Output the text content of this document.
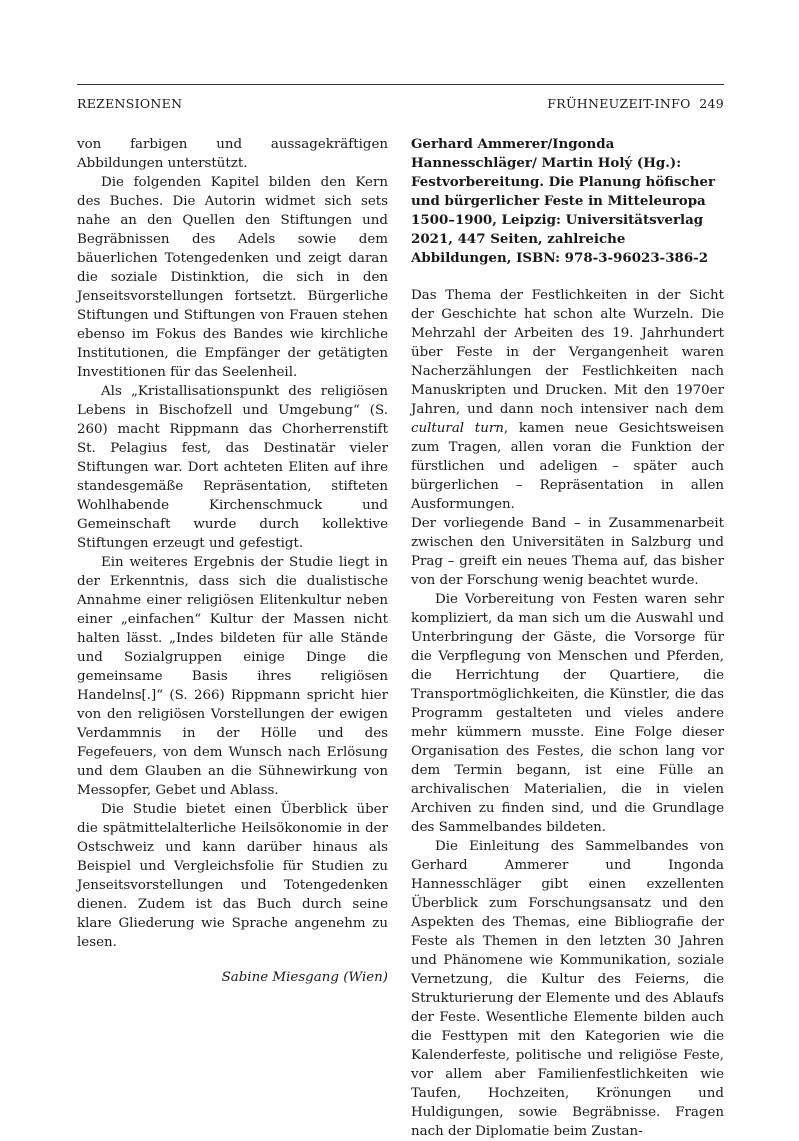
REZENSIONEN	FRÜHNEUZEIT-INFO 249

von farbigen und aussagekräftigen Abbildungen unterstützt.

Die folgenden Kapitel bilden den Kern des Buches. Die Autorin widmet sich sets nahe an den Quellen den Stiftungen und Begräbnissen des Adels sowie dem bäuerlichen Totengedenken und zeigt daran die soziale Distinktion, die sich in den Jenseitsvorstellungen fortsetzt. Bürgerliche Stiftungen und Stiftungen von Frauen stehen ebenso im Fokus des Bandes wie kirchliche Institutionen, die Empfänger der getätigten Investitionen für das Seelenheil.

Als „Kristallisationspunkt des religiösen Lebens in Bischofzell und Umgebung“ (S. 260) macht Rippmann das Chorherrenstift St. Pelagius fest, das Destinatär vieler Stiftungen war. Dort achteten Eliten auf ihre standesgemäße Repräsentation, stifteten Wohlhabende Kirchenschmuck und Gemeinschaft wurde durch kollektive Stiftungen erzeugt und gefestigt.

Ein weiteres Ergebnis der Studie liegt in der Erkenntnis, dass sich die dualistische Annahme einer religiösen Elitenkultur neben einer „einfachen“ Kultur der Massen nicht halten lässt. „Indes bildeten für alle Stände und Sozialgruppen einige Dinge die gemeinsame Basis ihres religiösen Handelns[.]“ (S. 266) Rippmann spricht hier von den religiösen Vorstellungen der ewigen Verdammnis in der Hölle und des Fegefeuers, von dem Wunsch nach Erlösung und dem Glauben an die Sühnewirkung von Messopfer, Gebet und Ablass.

Die Studie bietet einen Überblick über die spätmittelalterliche Heilsökonomie in der Ostschweiz und kann darüber hinaus als Beispiel und Vergleichsfolie für Studien zu Jenseitsvorstellungen und Totengedenken dienen. Zudem ist das Buch durch seine klare Gliederung wie Sprache angenehm zu lesen.

Sabine Miesgang (Wien)

Gerhard Ammerer/Ingonda Hannesschläger/ Martin Holý (Hg.): Festvorbereitung. Die Planung höfischer und bürgerlicher Feste in Mitteleuropa 1500–1900, Leipzig: Universitätsverlag 2021, 447 Seiten, zahlreiche Abbildungen, ISBN: 978-3-96023-386-2

Das Thema der Festlichkeiten in der Sicht der Geschichte hat schon alte Wurzeln. Die Mehrzahl der Arbeiten des 19. Jahrhundert über Feste in der Vergangenheit waren Nacherzählungen der Festlichkeiten nach Manuskripten und Drucken. Mit den 1970er Jahren, und dann noch intensiver nach dem cultural turn, kamen neue Gesichtsweisen zum Tragen, allen voran die Funktion der fürstlichen und adeligen – später auch bürgerlichen – Repräsentation in allen Ausformungen.

Der vorliegende Band – in Zusammenarbeit zwischen den Universitäten in Salzburg und Prag – greift ein neues Thema auf, das bisher von der Forschung wenig beachtet wurde.

Die Vorbereitung von Festen waren sehr kompliziert, da man sich um die Auswahl und Unterbringung der Gäste, die Vorsorge für die Verpflegung von Menschen und Pferden, die Herrichtung der Quartiere, die Transportmöglichkeiten, die Künstler, die das Programm gestalteten und vieles andere mehr kümmern musste. Eine Folge dieser Organisation des Festes, die schon lang vor dem Termin begann, ist eine Fülle an archivalischen Materialien, die in vielen Archiven zu finden sind, und die Grundlage des Sammelbandes bildeten.

Die Einleitung des Sammelbandes von Gerhard Ammerer und Ingonda Hannesschläger gibt einen exzellenten Überblick zum Forschungsansatz und den Aspekten des Themas, eine Bibliografie der Feste als Themen in den letzten 30 Jahren und Phänomene wie Kommunikation, soziale Vernetzung, die Kultur des Feierns, die Strukturierung der Elemente und des Ablaufs der Feste. Wesentliche Elemente bilden auch die Festtypen mit den Kategorien wie die Kalenderfeste, politische und religiöse Feste, vor allem aber Familienfestlichkeiten wie Taufen, Hochzeiten, Krönungen und Huldigungen, sowie Begräbnisse. Fragen nach der Diplomatie beim Zustan-
